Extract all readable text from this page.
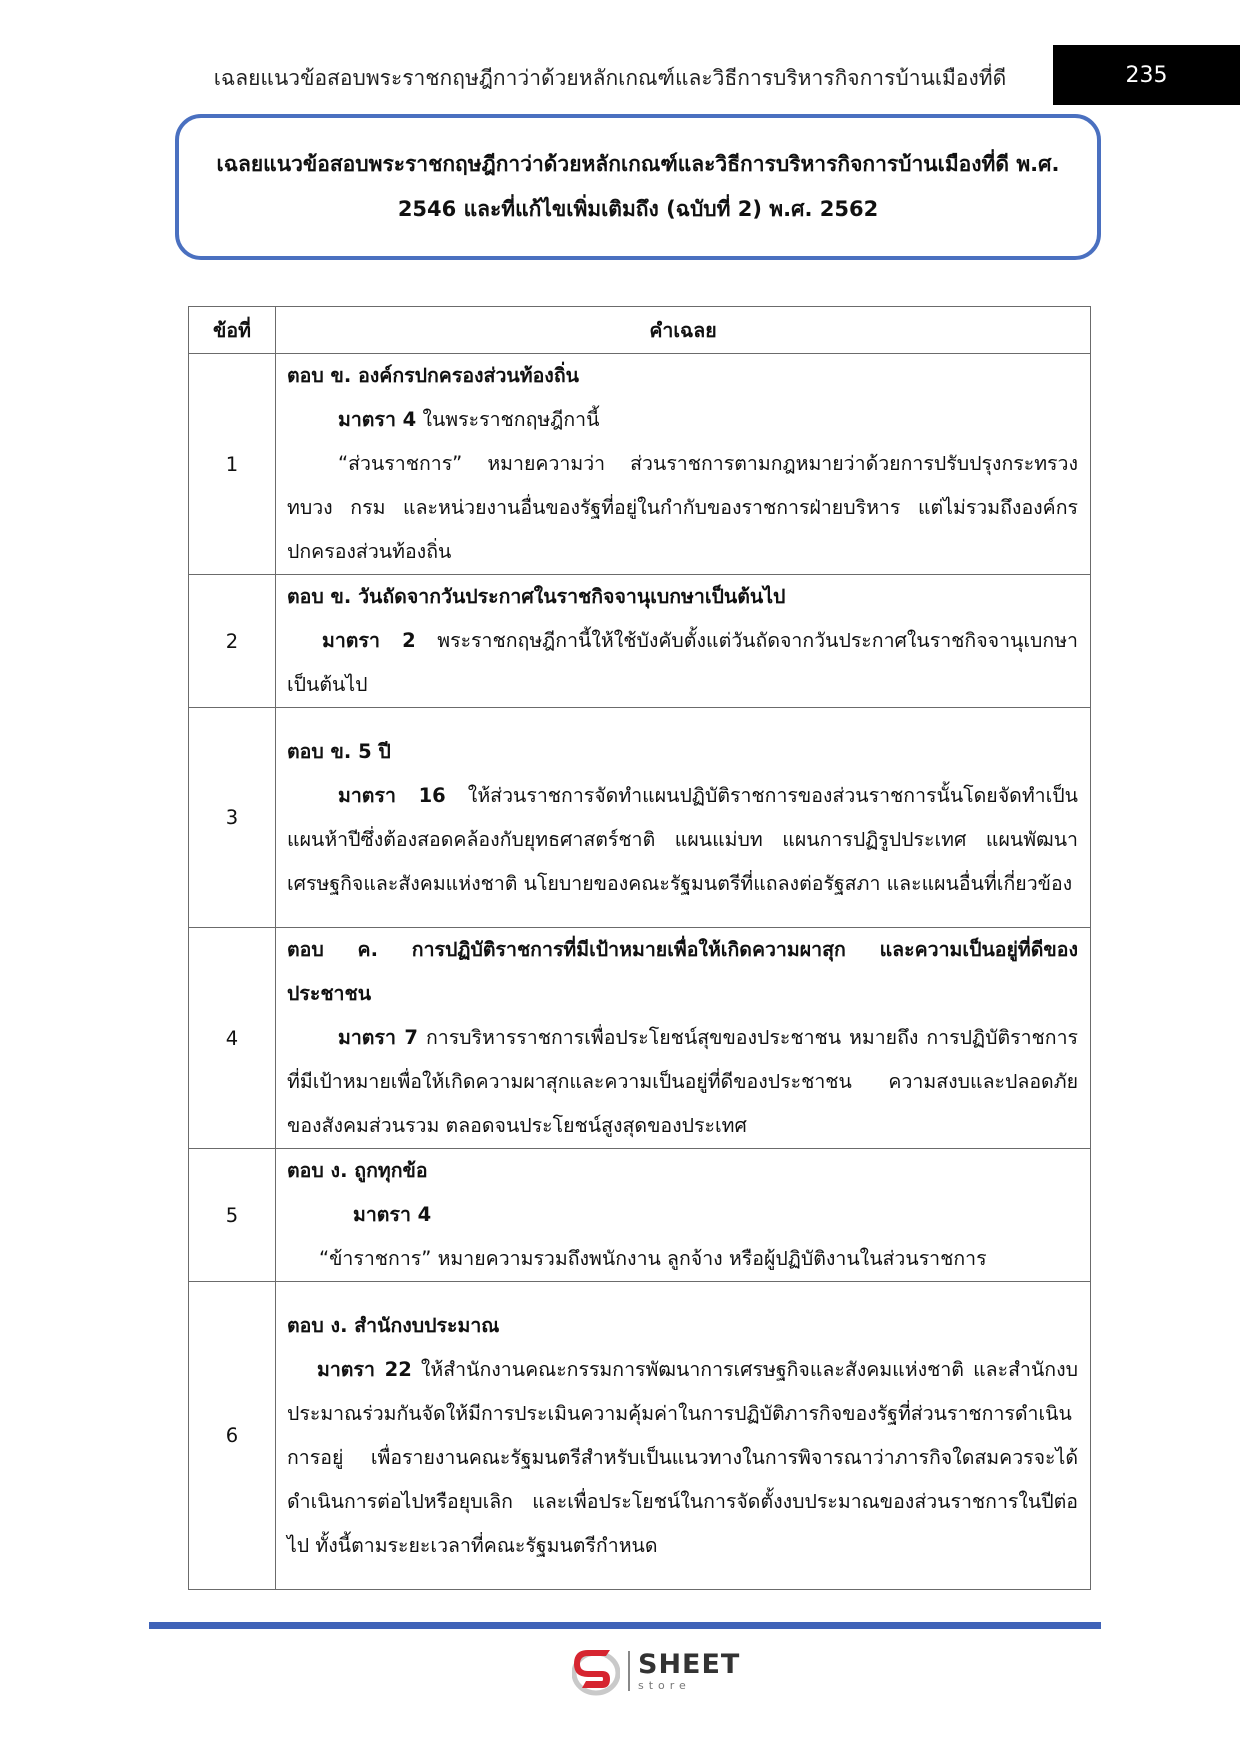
เฉลยแนวข้อสอบพระราชกฤษฎีกาว่าด้วยหลักเกณฑ์และวิธีการบริหารกิจการบ้านเมืองที่ดี	235
เฉลยแนวข้อสอบพระราชกฤษฎีกาว่าด้วยหลักเกณฑ์และวิธีการบริหารกิจการบ้านเมืองที่ดี พ.ศ.
2546 และที่แก้ไขเพิ่มเติมถึง (ฉบับที่ 2) พ.ศ. 2562
ข้อที่	คำเฉลย
1	ตอบ ข. องค์กรปกครองส่วนท้องถิ่น
มาตรา 4 ในพระราชกฤษฎีกานี้
“ส่วนราชการ” หมายความว่า ส่วนราชการตามกฎหมายว่าด้วยการปรับปรุงกระทรวง ทบวง กรม และหน่วยงานอื่นของรัฐที่อยู่ในกำกับของราชการฝ่ายบริหาร แต่ไม่รวมถึงองค์กรปกครองส่วนท้องถิ่น

2	ตอบ ข. วันถัดจากวันประกาศในราชกิจจานุเบกษาเป็นต้นไป
มาตรา 2 พระราชกฤษฎีกานี้ให้ใช้บังคับตั้งแต่วันถัดจากวันประกาศในราชกิจจานุเบกษาเป็นต้นไป

3	ตอบ ข. 5 ปี
มาตรา 16 ให้ส่วนราชการจัดทำแผนปฏิบัติราชการของส่วนราชการนั้นโดยจัดทำเป็นแผนห้าปีซึ่งต้องสอดคล้องกับยุทธศาสตร์ชาติ แผนแม่บท แผนการปฏิรูปประเทศ แผนพัฒนาเศรษฐกิจและสังคมแห่งชาติ นโยบายของคณะรัฐมนตรีที่แถลงต่อรัฐสภา และแผนอื่นที่เกี่ยวข้อง

4	ตอบ ค. การปฏิบัติราชการที่มีเป้าหมายเพื่อให้เกิดความผาสุก และความเป็นอยู่ที่ดีของประชาชน
มาตรา 7 การบริหารราชการเพื่อประโยชน์สุขของประชาชน หมายถึง การปฏิบัติราชการที่มีเป้าหมายเพื่อให้เกิดความผาสุกและความเป็นอยู่ที่ดีของประชาชน ความสงบและปลอดภัยของสังคมส่วนรวม ตลอดจนประโยชน์สูงสุดของประเทศ

5	ตอบ ง. ถูกทุกข้อ
มาตรา 4
“ข้าราชการ” หมายความรวมถึงพนักงาน ลูกจ้าง หรือผู้ปฏิบัติงานในส่วนราชการ

6	ตอบ ง. สำนักงบประมาณ
มาตรา 22 ให้สำนักงานคณะกรรมการพัฒนาการเศรษฐกิจและสังคมแห่งชาติ และสำนักงบประมาณร่วมกันจัดให้มีการประเมินความคุ้มค่าในการปฏิบัติภารกิจของรัฐที่ส่วนราชการดำเนินการอยู่ เพื่อรายงานคณะรัฐมนตรีสำหรับเป็นแนวทางในการพิจารณาว่าภารกิจใดสมควรจะได้ดำเนินการต่อไปหรือยุบเลิก และเพื่อประโยชน์ในการจัดตั้งงบประมาณของส่วนราชการในปีต่อไป ทั้งนี้ตามระยะเวลาที่คณะรัฐมนตรีกำหนด
SHEET
store
